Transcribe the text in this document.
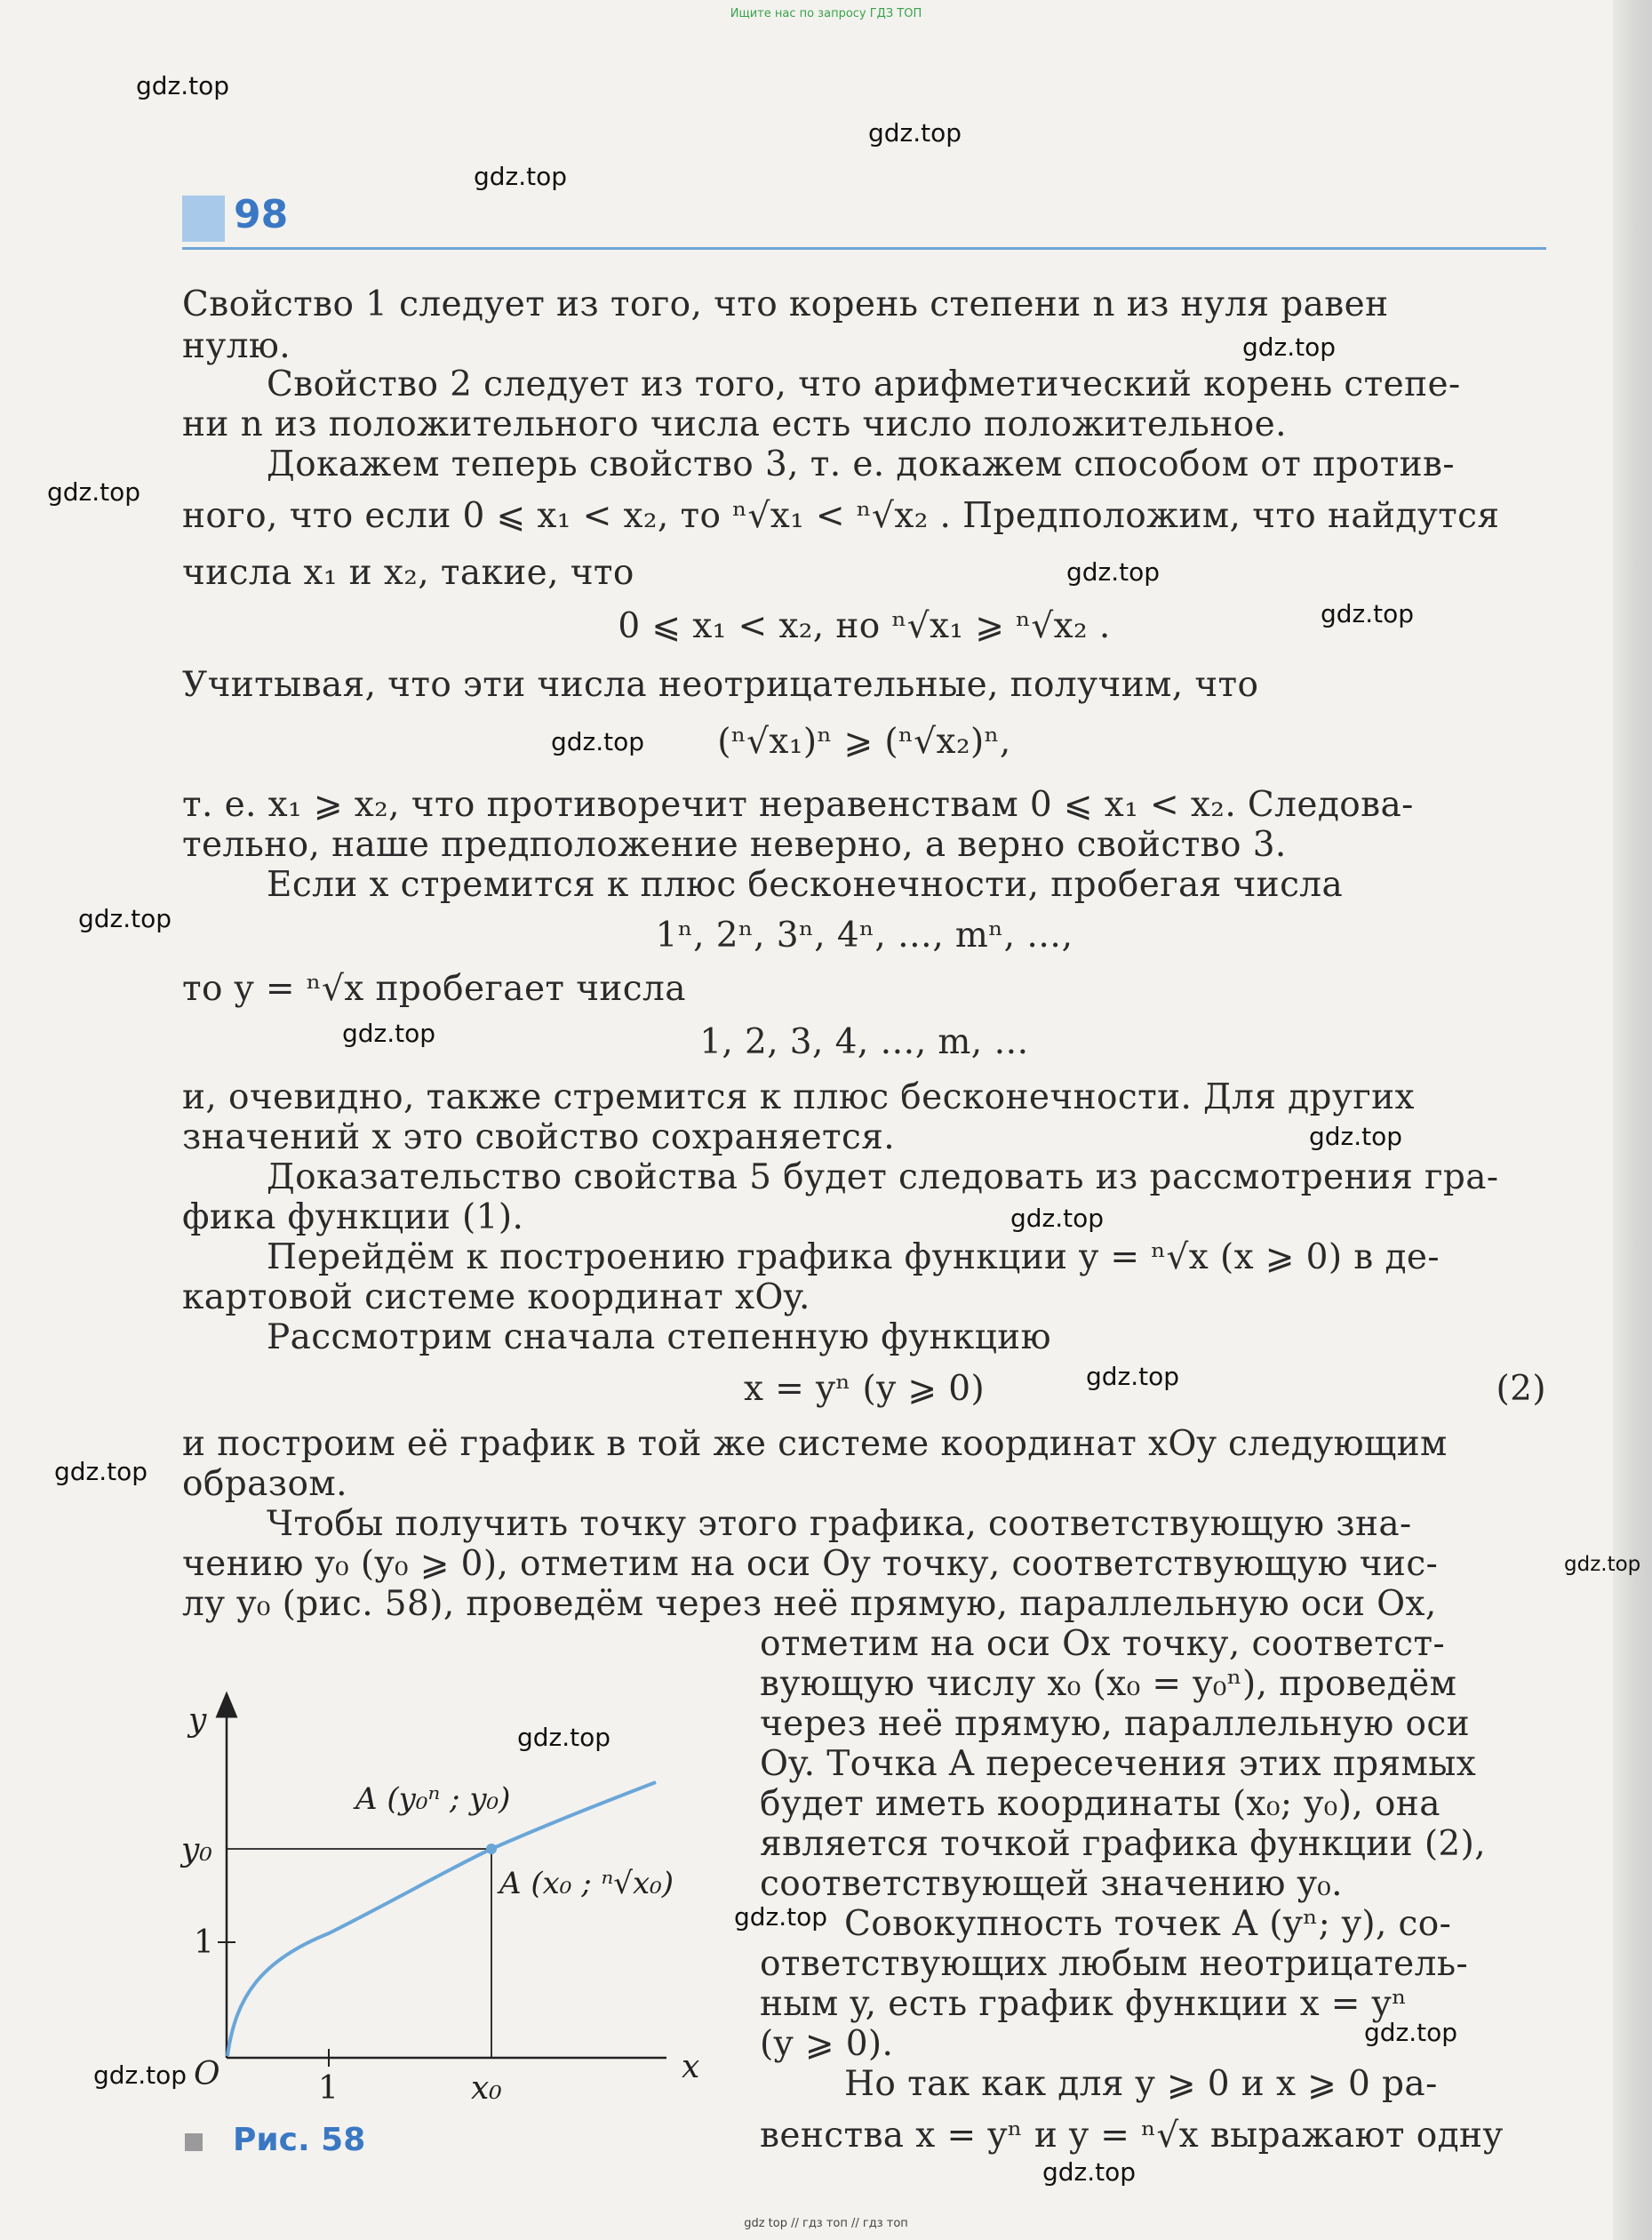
Ищите нас по запросу ГДЗ ТОП
98
gdz.top
gdz.top
gdz.top
gdz.top
gdz.top
gdz.top
gdz.top
gdz.top
gdz.top
gdz.top
gdz.top
gdz.top
gdz.top
gdz.top
gdz.top
gdz.top
gdz.top
gdz.top
gdz.top
gdz.top
Свойство 1 следует из того, что корень степени n из нуля равен
нулю.
Свойство 2 следует из того, что арифметический корень степе-
ни n из положительного числа есть число положительное.
Докажем теперь свойство 3, т. е. докажем способом от против-
ного, что если 0 ⩽ x₁ < x₂, то ⁿ√x₁ < ⁿ√x₂ . Предположим, что найдутся
числа x₁ и x₂, такие, что
0 ⩽ x₁ < x₂, но ⁿ√x₁ ⩾ ⁿ√x₂ .
Учитывая, что эти числа неотрицательные, получим, что
(ⁿ√x₁)ⁿ ⩾ (ⁿ√x₂)ⁿ,
т. е. x₁ ⩾ x₂, что противоречит неравенствам 0 ⩽ x₁ < x₂. Следова-
тельно, наше предположение неверно, а верно свойство 3.
Если x стремится к плюс бесконечности, пробегая числа
1ⁿ, 2ⁿ, 3ⁿ, 4ⁿ, …, mⁿ, …,
то y = ⁿ√x пробегает числа
1, 2, 3, 4, …, m, …
и, очевидно, также стремится к плюс бесконечности. Для других
значений x это свойство сохраняется.
Доказательство свойства 5 будет следовать из рассмотрения гра-
фика функции (1).
Перейдём к построению графика функции y = ⁿ√x (x ⩾ 0) в де-
картовой системе координат xOy.
Рассмотрим сначала степенную функцию
x = yⁿ (y ⩾ 0)	(2)
и построим её график в той же системе координат xOy следующим
образом.
Чтобы получить точку этого графика, соответствующую зна-
чению y₀ (y₀ ⩾ 0), отметим на оси Oy точку, соответствующую чис-
лу y₀ (рис. 58), проведём через неё прямую, параллельную оси Ox,
отметим на оси Ox точку, соответст-
вующую числу x₀ (x₀ = y₀ⁿ), проведём
через неё прямую, параллельную оси
Oy. Точка A пересечения этих прямых
будет иметь координаты (x₀; y₀), она
является точкой графика функции (2),
соответствующей значению y₀.
Совокупность точек A (yⁿ; y), со-
ответствующих любым неотрицатель-
ным y, есть график функции x = yⁿ
(y ⩾ 0).
Но так как для y ⩾ 0 и x ⩾ 0 ра-
венства x = yⁿ и y = ⁿ√x выражают одну
y
x
O
y₀
1
1	x₀
A (y₀ⁿ ; y₀)
A (x₀ ; ⁿ√x₀)
Рис. 58
gdz top // гдз топ // гдз топ
